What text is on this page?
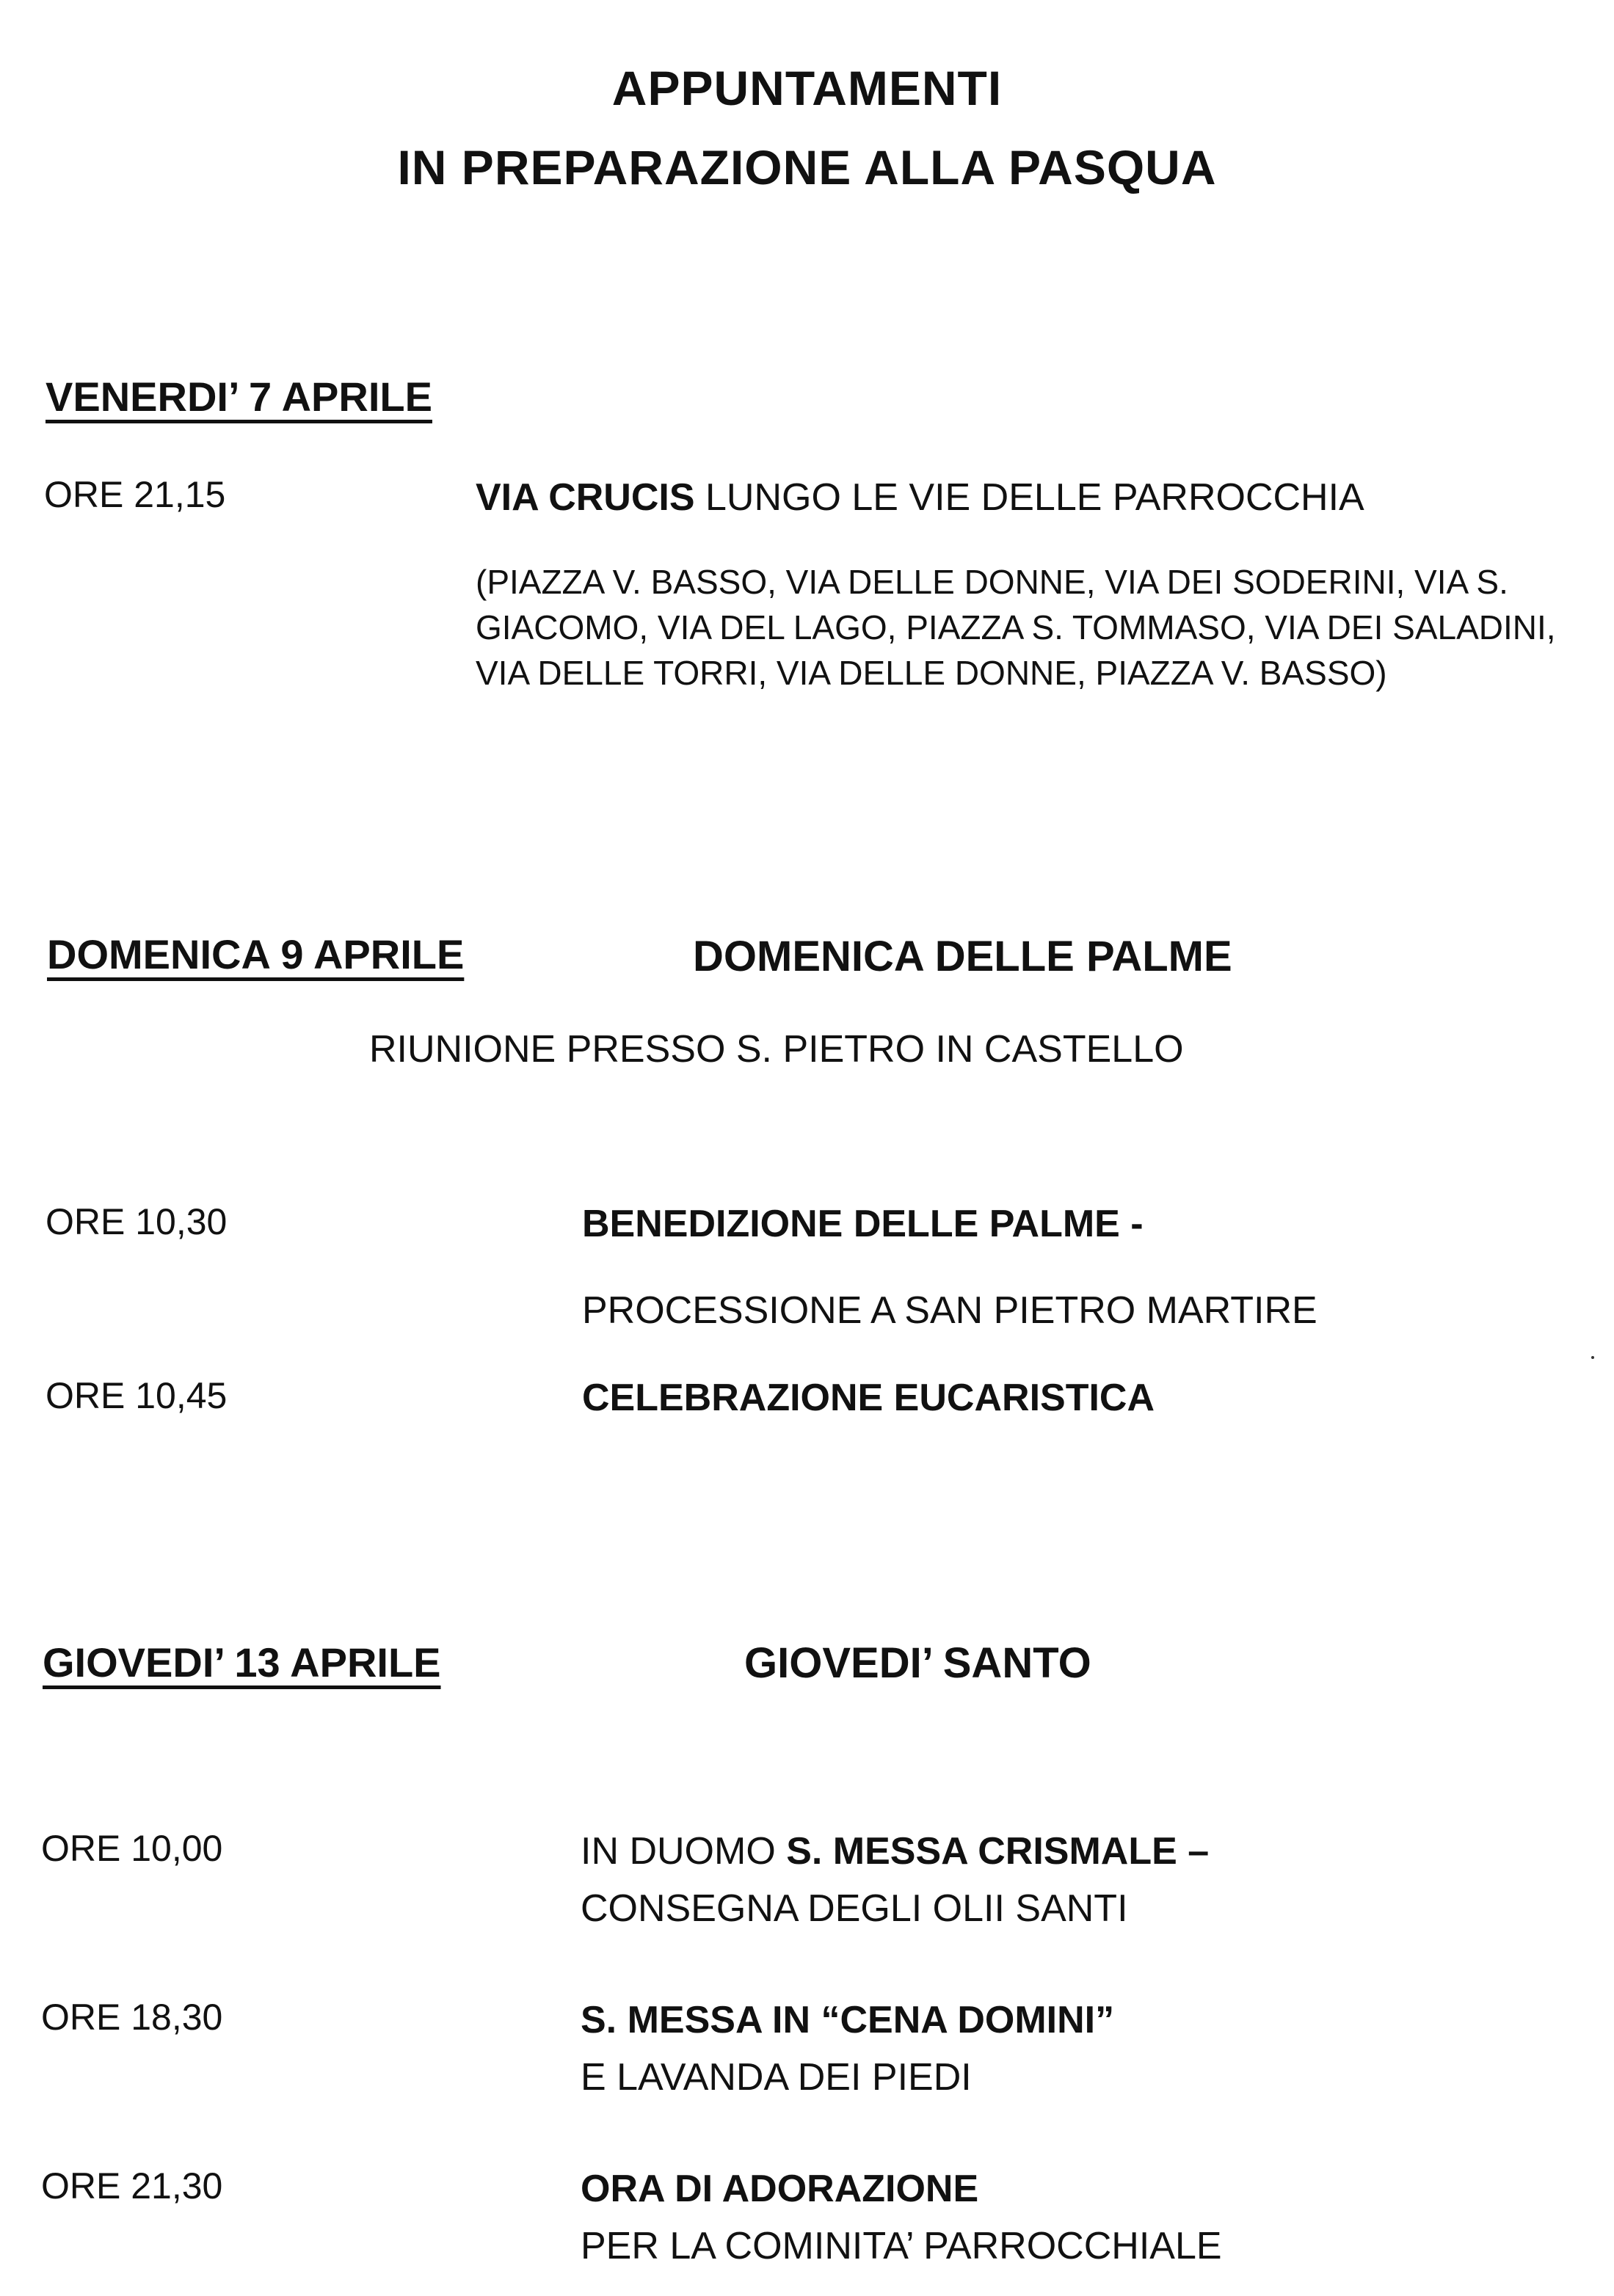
APPUNTAMENTI
IN PREPARAZIONE ALLA PASQUA
VENERDI’ 7 APRILE
ORE 21,15	VIA CRUCIS LUNGO LE VIE DELLE PARROCCHIA
(PIAZZA V. BASSO, VIA DELLE DONNE, VIA DEI SODERINI, VIA S. GIACOMO, VIA DEL LAGO, PIAZZA S. TOMMASO, VIA DEI SALADINI, VIA DELLE TORRI, VIA DELLE DONNE, PIAZZA V. BASSO)
DOMENICA 9 APRILE	DOMENICA DELLE PALME
RIUNIONE PRESSO S. PIETRO IN CASTELLO
ORE 10,30	BENEDIZIONE DELLE PALME -
PROCESSIONE A SAN PIETRO MARTIRE
ORE 10,45	CELEBRAZIONE EUCARISTICA
GIOVEDI’ 13 APRILE	GIOVEDI’ SANTO
ORE 10,00	IN DUOMO S. MESSA CRISMALE –
CONSEGNA DEGLI OLII SANTI
ORE 18,30	S. MESSA IN “CENA DOMINI”
E LAVANDA DEI PIEDI
ORE 21,30	ORA DI ADORAZIONE
PER LA COMINITA’ PARROCCHIALE
